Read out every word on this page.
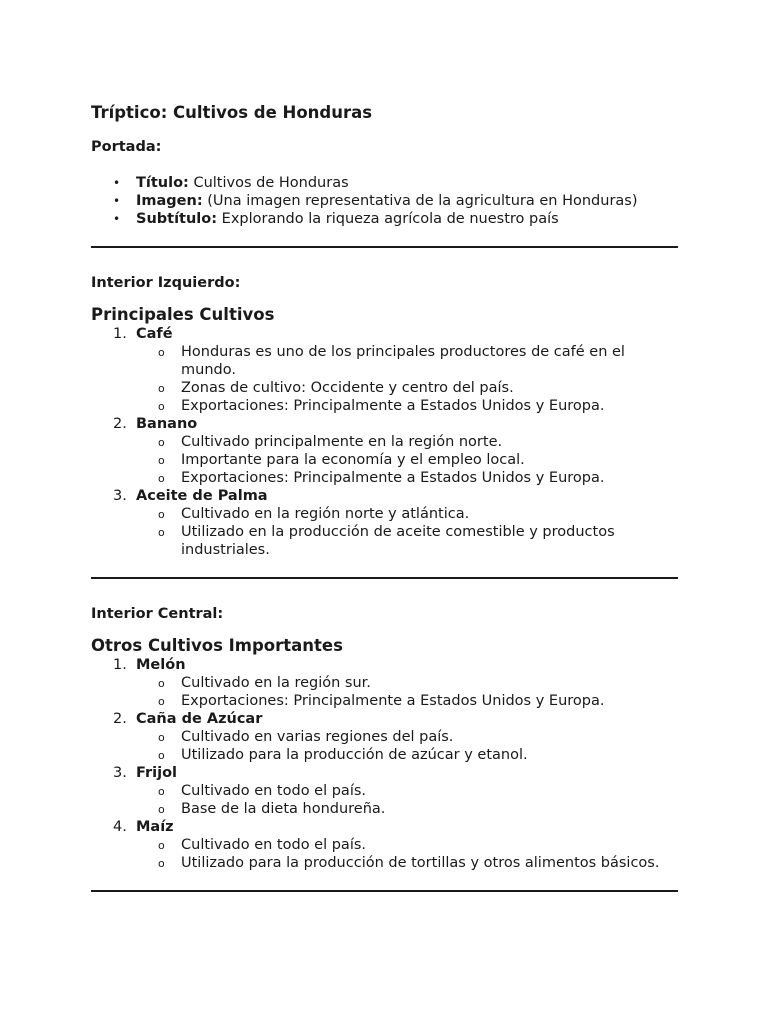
Tríptico: Cultivos de Honduras
Portada:
• Título: Cultivos de Honduras
• Imagen: (Una imagen representativa de la agricultura en Honduras)
• Subtítulo: Explorando la riqueza agrícola de nuestro país
Interior Izquierdo:
Principales Cultivos
1. Café
o Honduras es uno de los principales productores de café en el mundo.
o Zonas de cultivo: Occidente y centro del país.
o Exportaciones: Principalmente a Estados Unidos y Europa.
2. Banano
o Cultivado principalmente en la región norte.
o Importante para la economía y el empleo local.
o Exportaciones: Principalmente a Estados Unidos y Europa.
3. Aceite de Palma
o Cultivado en la región norte y atlántica.
o Utilizado en la producción de aceite comestible y productos industriales.
Interior Central:
Otros Cultivos Importantes
1. Melón
o Cultivado en la región sur.
o Exportaciones: Principalmente a Estados Unidos y Europa.
2. Caña de Azúcar
o Cultivado en varias regiones del país.
o Utilizado para la producción de azúcar y etanol.
3. Frijol
o Cultivado en todo el país.
o Base de la dieta hondureña.
4. Maíz
o Cultivado en todo el país.
o Utilizado para la producción de tortillas y otros alimentos básicos.
